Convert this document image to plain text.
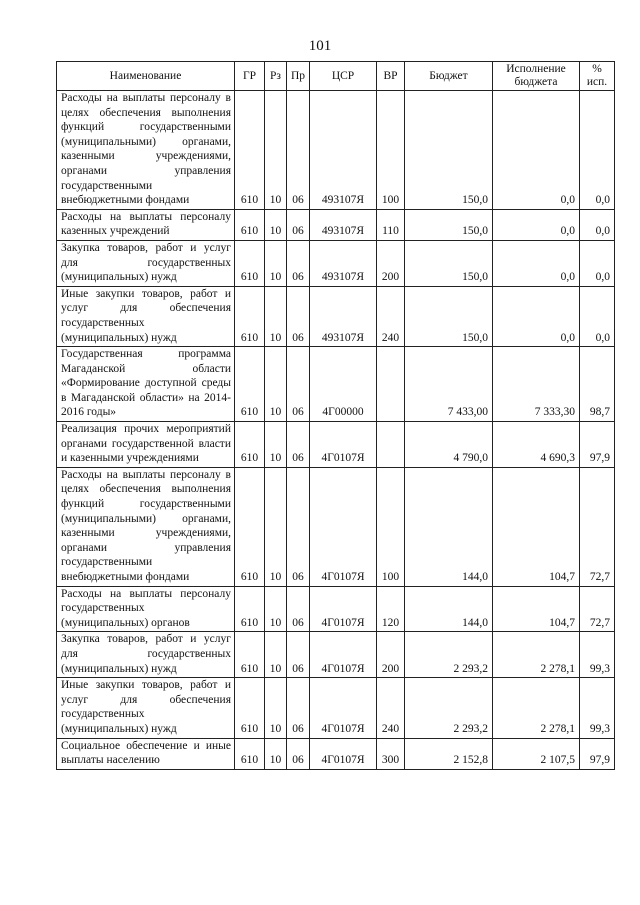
101
Наименование	ГР	Рз	Пр	ЦСР	ВР	Бюджет	Исполнение бюджета	% исп.
Расходы на выплаты персоналу в целях обеспечения выполнения функций государственными (муниципальными) органами, казенными учреждениями, органами управления государственными внебюджетными фондами	610	10	06	493107Я	100	150,0	0,0	0,0
Расходы на выплаты персоналу казенных учреждений	610	10	06	493107Я	110	150,0	0,0	0,0
Закупка товаров, работ и услуг для государственных (муниципальных) нужд	610	10	06	493107Я	200	150,0	0,0	0,0
Иные закупки товаров, работ и услуг для обеспечения государственных (муниципальных) нужд	610	10	06	493107Я	240	150,0	0,0	0,0
Государственная программа Магаданской области «Формирование доступной среды в Магаданской области» на 2014-2016 годы»	610	10	06	4Г00000		7 433,00	7 333,30	98,7
Реализация прочих мероприятий органами государственной власти и казенными учреждениями	610	10	06	4Г0107Я		4 790,0	4 690,3	97,9
Расходы на выплаты персоналу в целях обеспечения выполнения функций государственными (муниципальными) органами, казенными учреждениями, органами управления государственными внебюджетными фондами	610	10	06	4Г0107Я	100	144,0	104,7	72,7
Расходы на выплаты персоналу государственных (муниципальных) органов	610	10	06	4Г0107Я	120	144,0	104,7	72,7
Закупка товаров, работ и услуг для государственных (муниципальных) нужд	610	10	06	4Г0107Я	200	2 293,2	2 278,1	99,3
Иные закупки товаров, работ и услуг для обеспечения государственных (муниципальных) нужд	610	10	06	4Г0107Я	240	2 293,2	2 278,1	99,3
Социальное обеспечение и иные выплаты населению	610	10	06	4Г0107Я	300	2 152,8	2 107,5	97,9
